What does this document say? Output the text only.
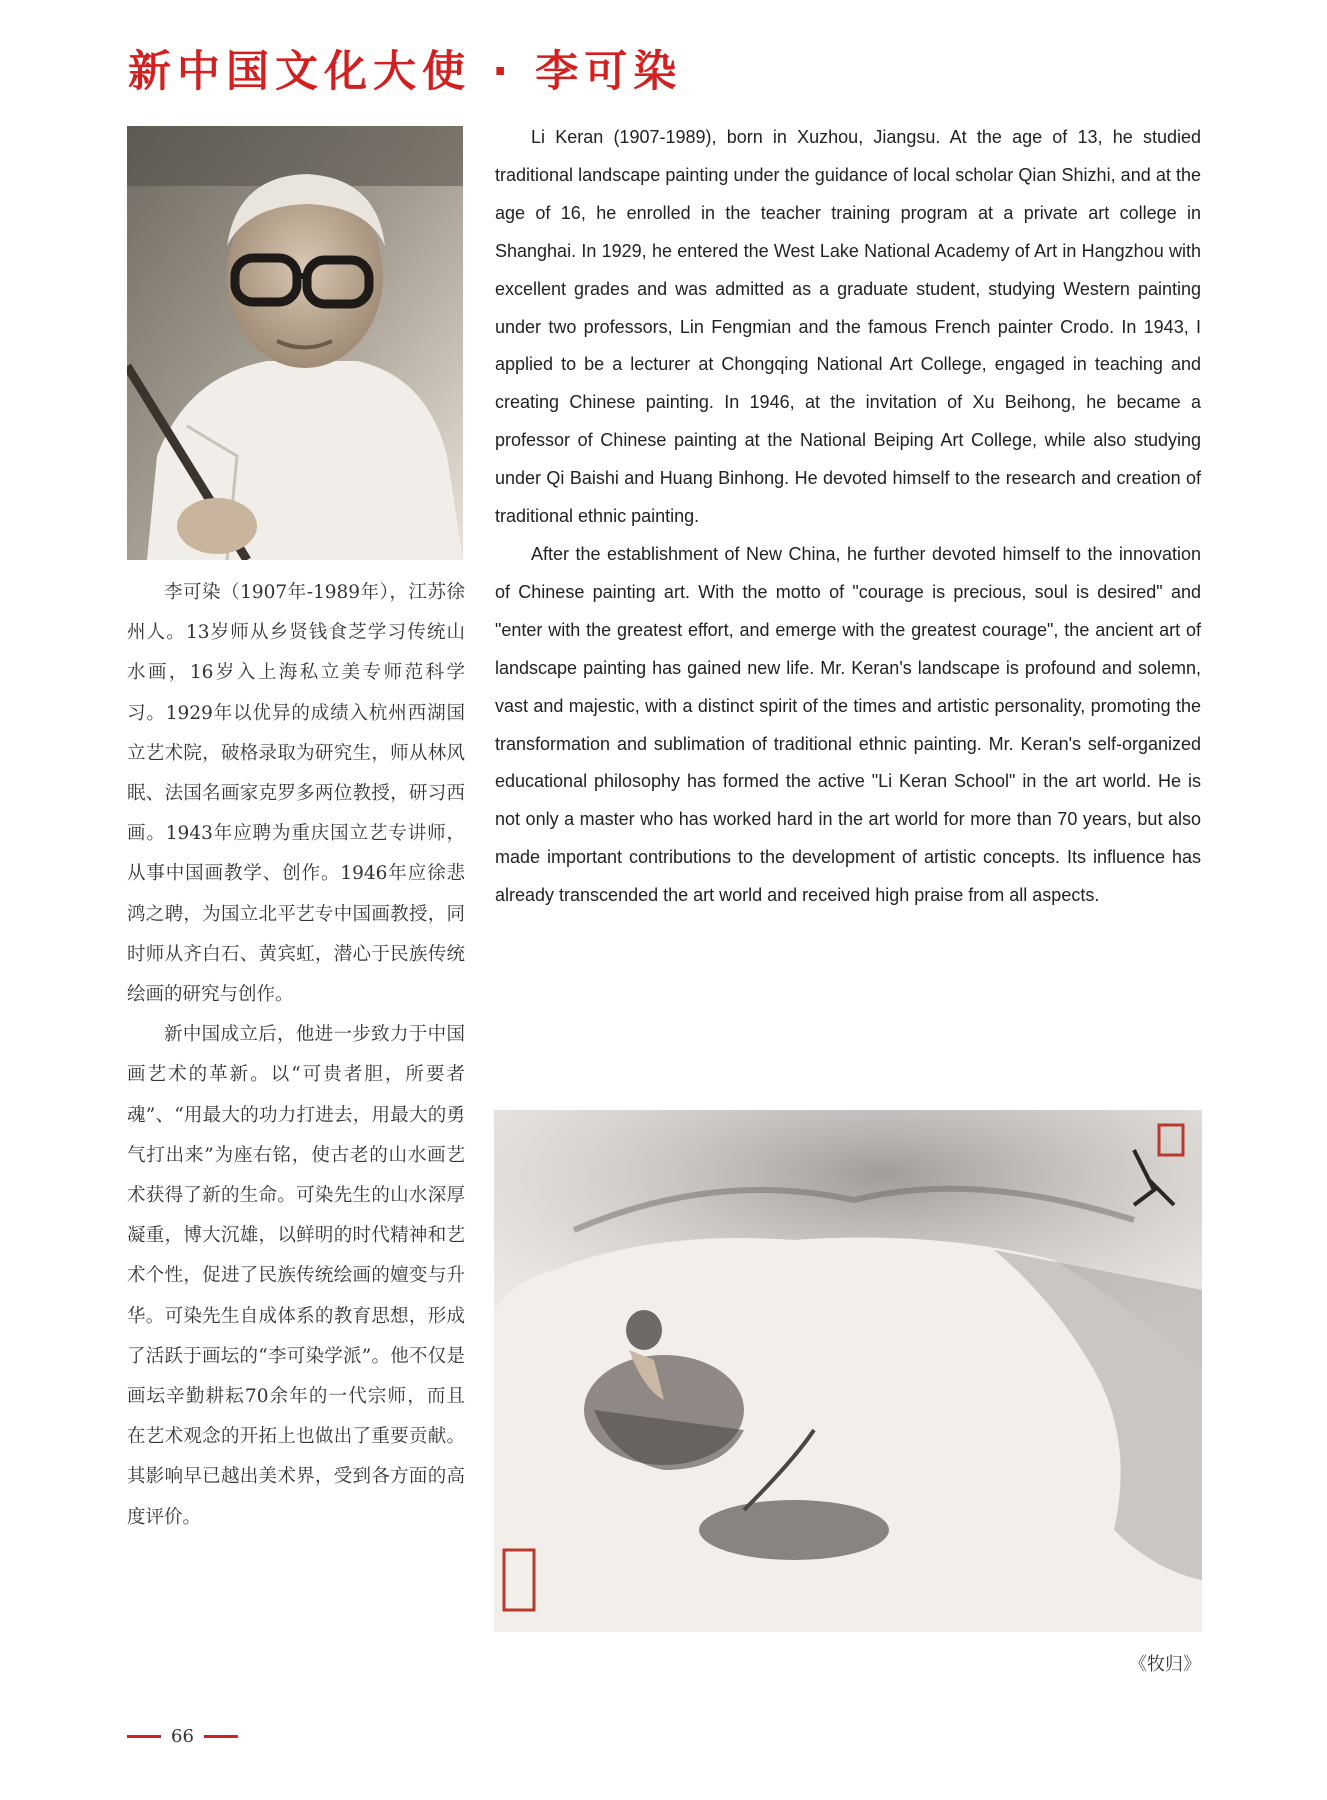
新中国文化大使 · 李可染

李可染（1907年-1989年），江苏徐州人。13岁师从乡贤钱食芝学习传统山水画，16岁入上海私立美专师范科学习。1929年以优异的成绩入杭州西湖国立艺术院，破格录取为研究生，师从林风眠、法国名画家克罗多两位教授，研习西画。1943年应聘为重庆国立艺专讲师，从事中国画教学、创作。1946年应徐悲鸿之聘，为国立北平艺专中国画教授，同时师从齐白石、黄宾虹，潜心于民族传统绘画的研究与创作。

新中国成立后，他进一步致力于中国画艺术的革新。以“可贵者胆，所要者魂”、“用最大的功力打进去，用最大的勇气打出来”为座右铭，使古老的山水画艺术获得了新的生命。可染先生的山水深厚凝重，博大沉雄，以鲜明的时代精神和艺术个性，促进了民族传统绘画的嬗变与升华。可染先生自成体系的教育思想，形成了活跃于画坛的“李可染学派”。他不仅是画坛辛勤耕耘70余年的一代宗师，而且在艺术观念的开拓上也做出了重要贡献。其影响早已越出美术界，受到各方面的高度评价。

Li Keran (1907-1989), born in Xuzhou, Jiangsu. At the age of 13, he studied traditional landscape painting under the guidance of local scholar Qian Shizhi, and at the age of 16, he enrolled in the teacher training program at a private art college in Shanghai. In 1929, he entered the West Lake National Academy of Art in Hangzhou with excellent grades and was admitted as a graduate student, studying Western painting under two professors, Lin Fengmian and the famous French painter Crodo. In 1943, I applied to be a lecturer at Chongqing National Art College, engaged in teaching and creating Chinese painting. In 1946, at the invitation of Xu Beihong, he became a professor of Chinese painting at the National Beiping Art College, while also studying under Qi Baishi and Huang Binhong. He devoted himself to the research and creation of traditional ethnic painting.

After the establishment of New China, he further devoted himself to the innovation of Chinese painting art. With the motto of "courage is precious, soul is desired" and "enter with the greatest effort, and emerge with the greatest courage", the ancient art of landscape painting has gained new life. Mr. Keran's landscape is profound and solemn, vast and majestic, with a distinct spirit of the times and artistic personality, promoting the transformation and sublimation of traditional ethnic painting. Mr. Keran's self-organized educational philosophy has formed the active "Li Keran School" in the art world. He is not only a master who has worked hard in the art world for more than 70 years, but also made important contributions to the development of artistic concepts. Its influence has already transcended the art world and received high praise from all aspects.

《牧归》
66
